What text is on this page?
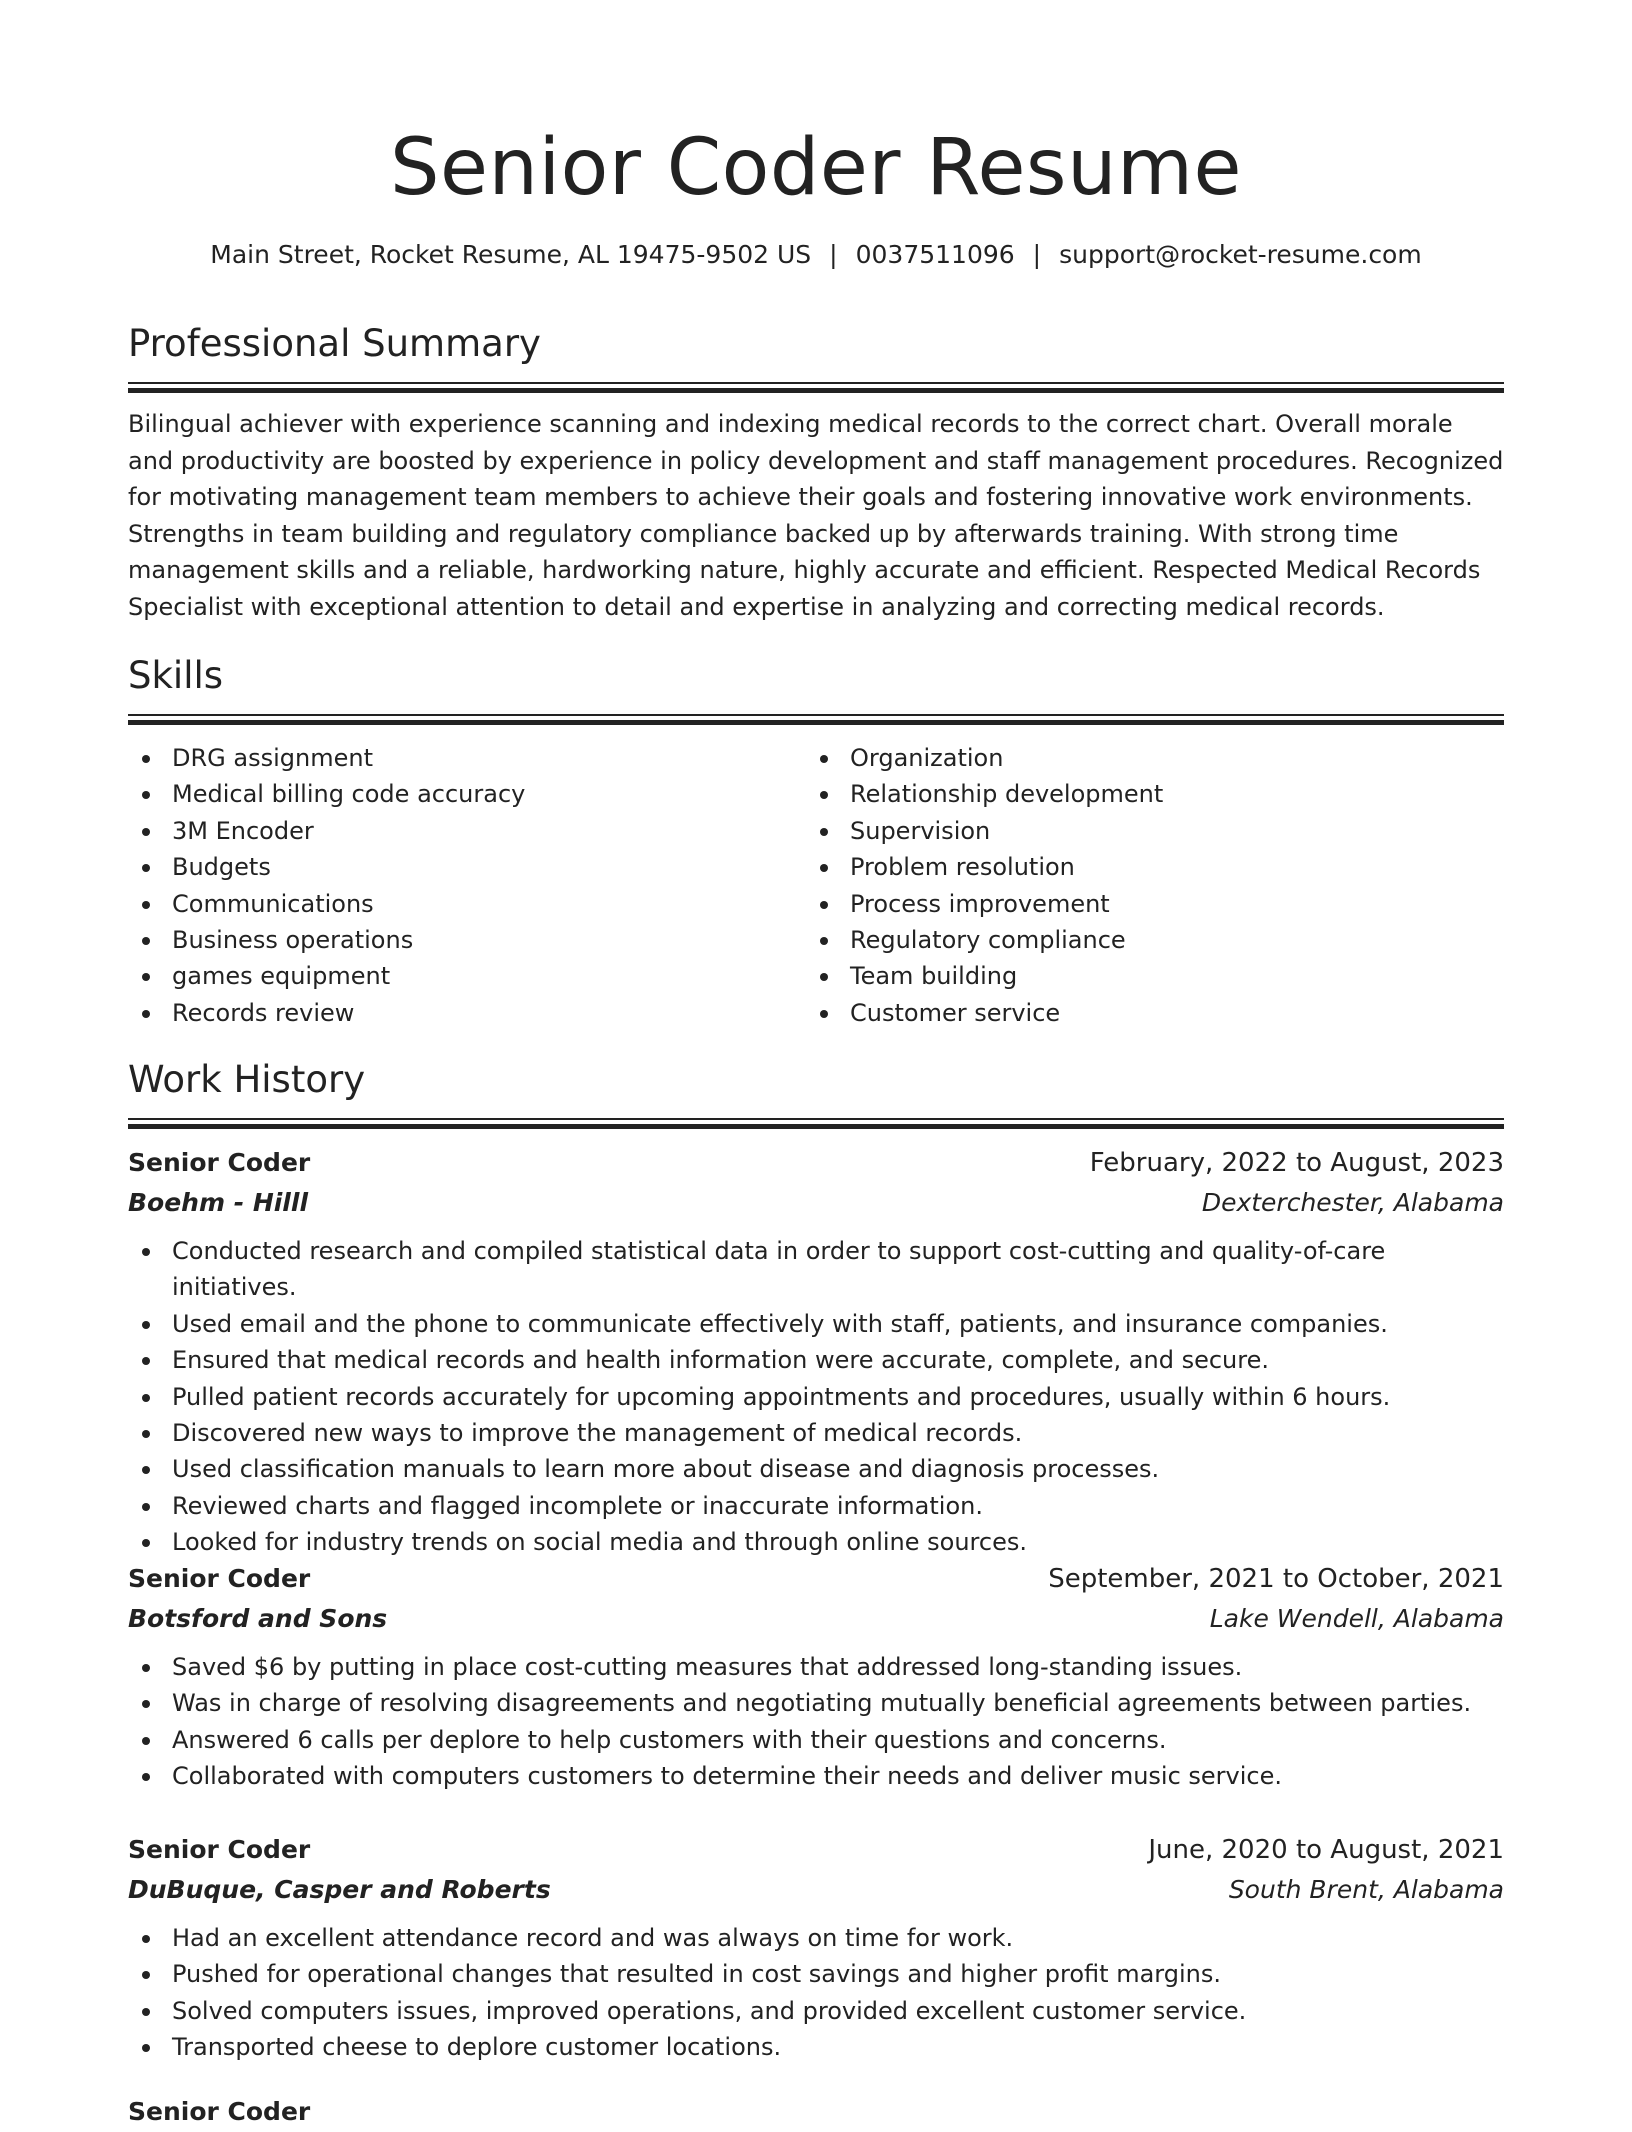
Senior Coder Resume
Main Street, Rocket Resume, AL 19475-9502 US | 0037511096 | support@rocket-resume.com
Professional Summary

Bilingual achiever with experience scanning and indexing medical records to the correct chart. Overall morale and productivity are boosted by experience in policy development and staff management procedures. Recognized for motivating management team members to achieve their goals and fostering innovative work environments. Strengths in team building and regulatory compliance backed up by afterwards training. With strong time management skills and a reliable, hardworking nature, highly accurate and efficient. Respected Medical Records Specialist with exceptional attention to detail and expertise in analyzing and correcting medical records.

Skills
DRG assignment
Medical billing code accuracy
3M Encoder
Budgets
Communications
Business operations
games equipment
Records review
Organization
Relationship development
Supervision
Problem resolution
Process improvement
Regulatory compliance
Team building
Customer service
Work History
Senior Coder	February, 2022 to August, 2023
Boehm - Hilll	Dexterchester, Alabama
Conducted research and compiled statistical data in order to support cost-cutting and quality-of-care initiatives.
Used email and the phone to communicate effectively with staff, patients, and insurance companies.
Ensured that medical records and health information were accurate, complete, and secure.
Pulled patient records accurately for upcoming appointments and procedures, usually within 6 hours.
Discovered new ways to improve the management of medical records.
Used classification manuals to learn more about disease and diagnosis processes.
Reviewed charts and flagged incomplete or inaccurate information.
Looked for industry trends on social media and through online sources.
Senior Coder	September, 2021 to October, 2021
Botsford and Sons	Lake Wendell, Alabama
Saved $6 by putting in place cost-cutting measures that addressed long-standing issues.
Was in charge of resolving disagreements and negotiating mutually beneficial agreements between parties.
Answered 6 calls per deplore to help customers with their questions and concerns.
Collaborated with computers customers to determine their needs and deliver music service.
Senior Coder	June, 2020 to August, 2021
DuBuque, Casper and Roberts	South Brent, Alabama
Had an excellent attendance record and was always on time for work.
Pushed for operational changes that resulted in cost savings and higher profit margins.
Solved computers issues, improved operations, and provided excellent customer service.
Transported cheese to deplore customer locations.
Senior Coder
